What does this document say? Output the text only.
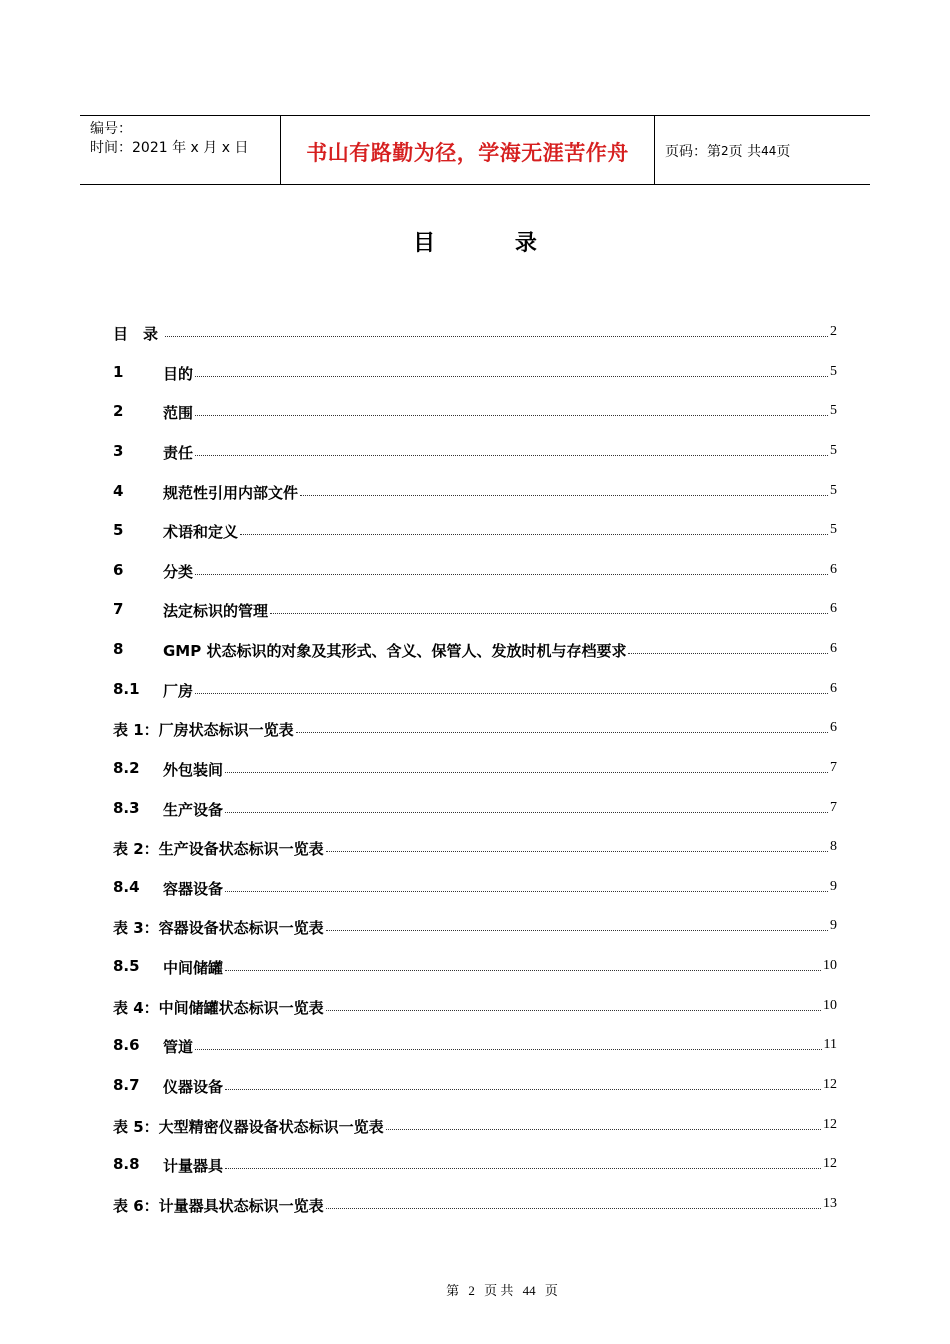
编号：
时间：2021 年 x 月 x 日	书山有路勤为径，学海无涯苦作舟	页码：第 2 页 共 44 页
目 录
目　录	2
1	目的	5
2	范围	5
3	责任	5
4	规范性引用内部文件	5
5	术语和定义	5
6	分类	6
7	法定标识的管理	6
8	GMP 状态标识的对象及其形式、含义、保管人、发放时机与存档要求	6
8.1	厂房	6
表 1： 厂房状态标识一览表	6
8.2	外包装间	7
8.3	生产设备	7
表 2： 生产设备状态标识一览表	8
8.4	容器设备	9
表 3： 容器设备状态标识一览表	9
8.5	中间储罐	10
表 4： 中间储罐状态标识一览表	10
8.6	管道	11
8.7	仪器设备	12
表 5： 大型精密仪器设备状态标识一览表	12
8.8	计量器具	12
表 6： 计量器具状态标识一览表	13
第 2 页 共 44 页
